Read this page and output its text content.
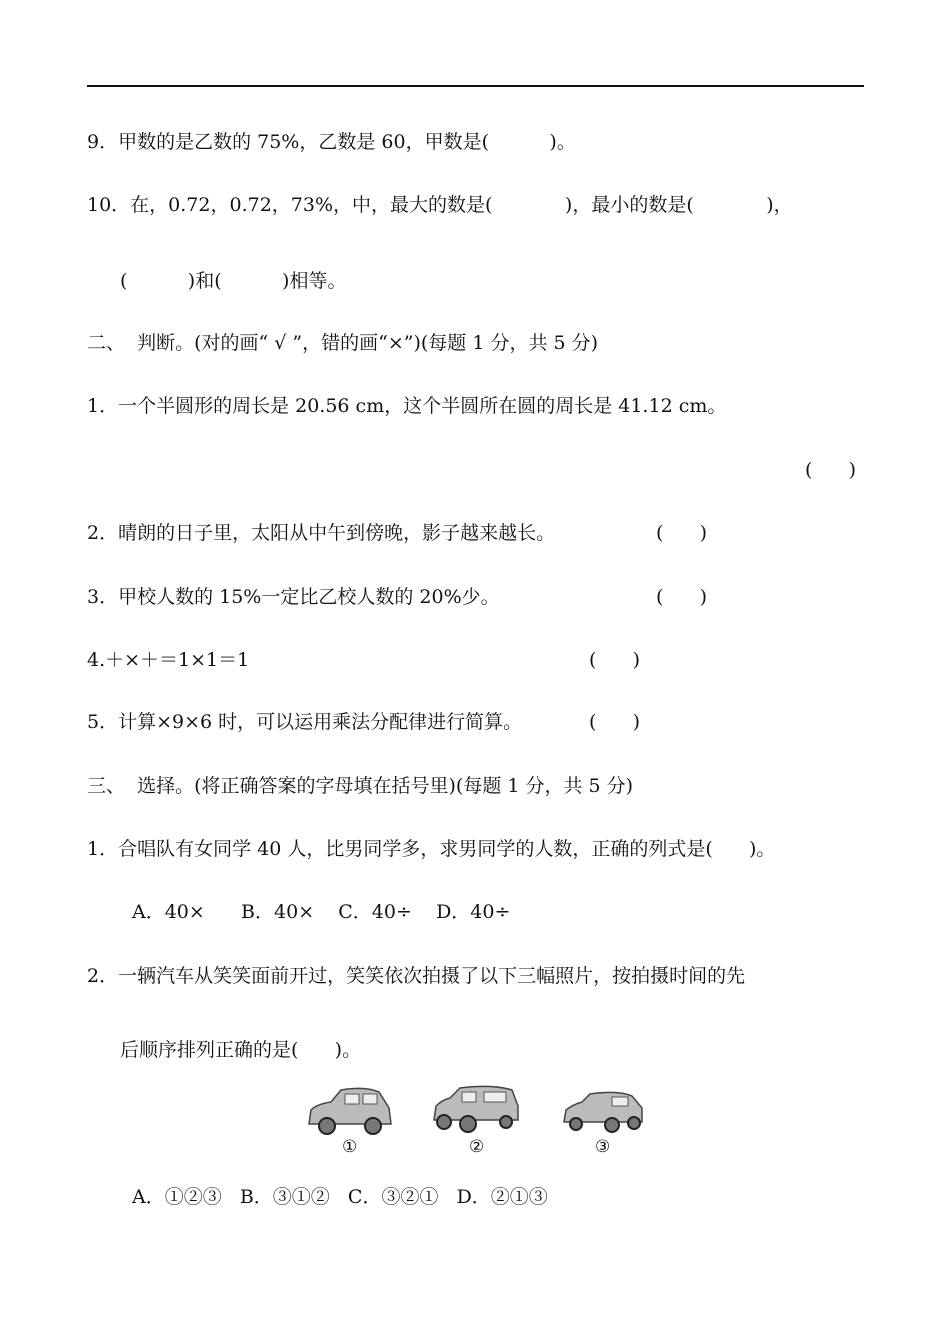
9．甲数的是乙数的 75%，乙数是 60，甲数是(          )。
10．在，0.72，0.72，73%，中，最大的数是(            )，最小的数是(            )，
(          )和(          )相等。
二、  判断。(对的画“ √ ”，错的画“×”)(每题 1 分，共 5 分)
1．一个半圆形的周长是 20.56 cm，这个半圆所在圆的周长是 41.12 cm。
(      )
2．晴朗的日子里，太阳从中午到傍晚，影子越来越长。	(      )
3．甲校人数的 15%一定比乙校人数的 20%少。	(      )
4.＋×＋＝1×1＝1	(      )
5．计算×9×6 时，可以运用乘法分配律进行简算。	(      )
三、  选择。(将正确答案的字母填在括号里)(每题 1 分，共 5 分)
1．合唱队有女同学 40 人，比男同学多，求男同学的人数，正确的列式是(      )。
A．40×      B．40×    C．40÷    D．40÷
2．一辆汽车从笑笑面前开过，笑笑依次拍摄了以下三幅照片，按拍摄时间的先
后顺序排列正确的是(      )。
①	②	③
A．①②③   B．③①②   C．③②①   D．②①③
